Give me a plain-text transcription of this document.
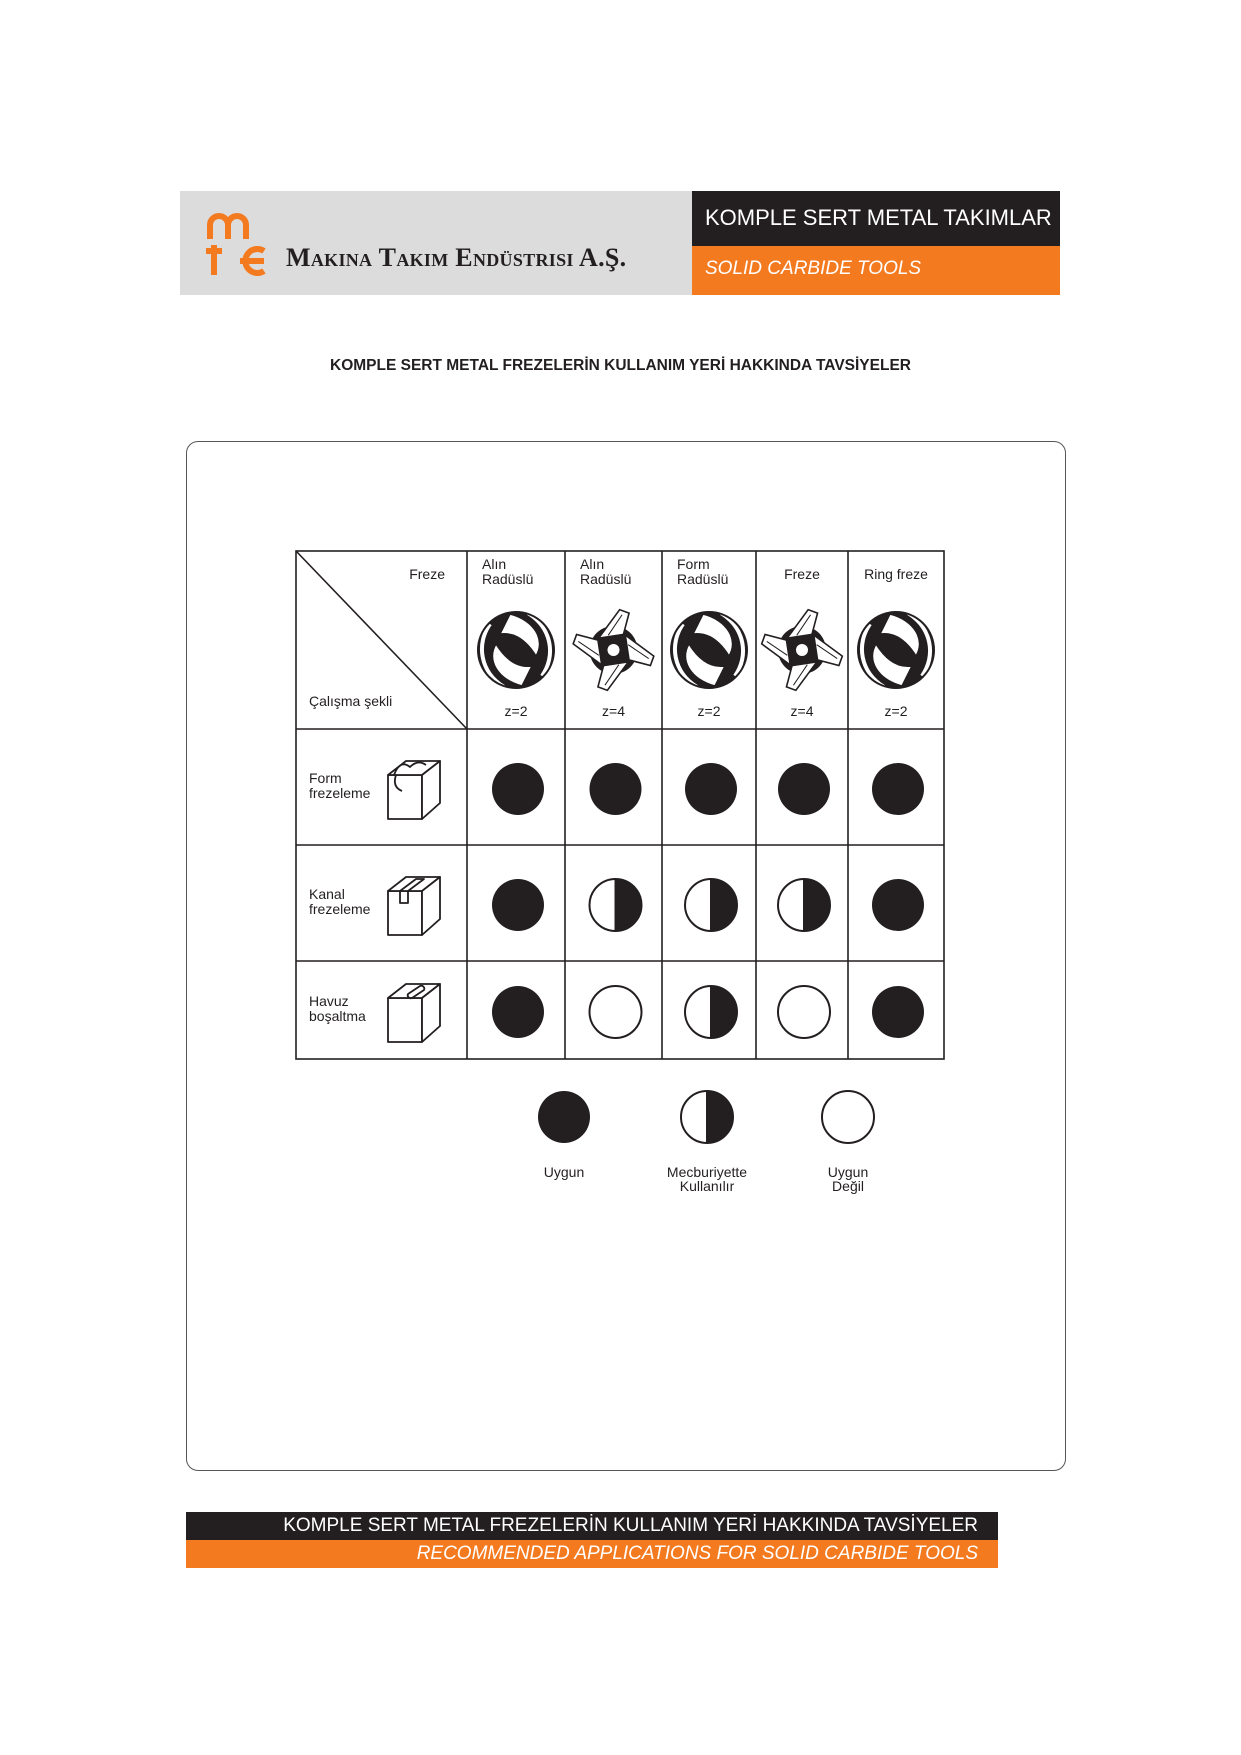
Makina Takim Endüstrisi A.Ş.
KOMPLE SERT METAL TAKIMLAR
SOLID CARBIDE TOOLS
KOMPLE SERT METAL FREZELERİN KULLANIM YERİ HAKKINDA TAVSİYELER
Freze
Çalışma şekli
Alın
Radüslü
z=2
Alın
Radüslü
z=4
Form
Radüslü
z=2
Freze
z=4
Ring freze
z=2
Form
frezeleme
Kanal
frezeleme
Havuz
boşaltma
Uygun	Mecburiyette
Kullanılır
Uygun
Değil
KOMPLE SERT METAL FREZELERİN KULLANIM YERİ HAKKINDA TAVSİYELER
RECOMMENDED APPLICATIONS FOR SOLID CARBIDE TOOLS
